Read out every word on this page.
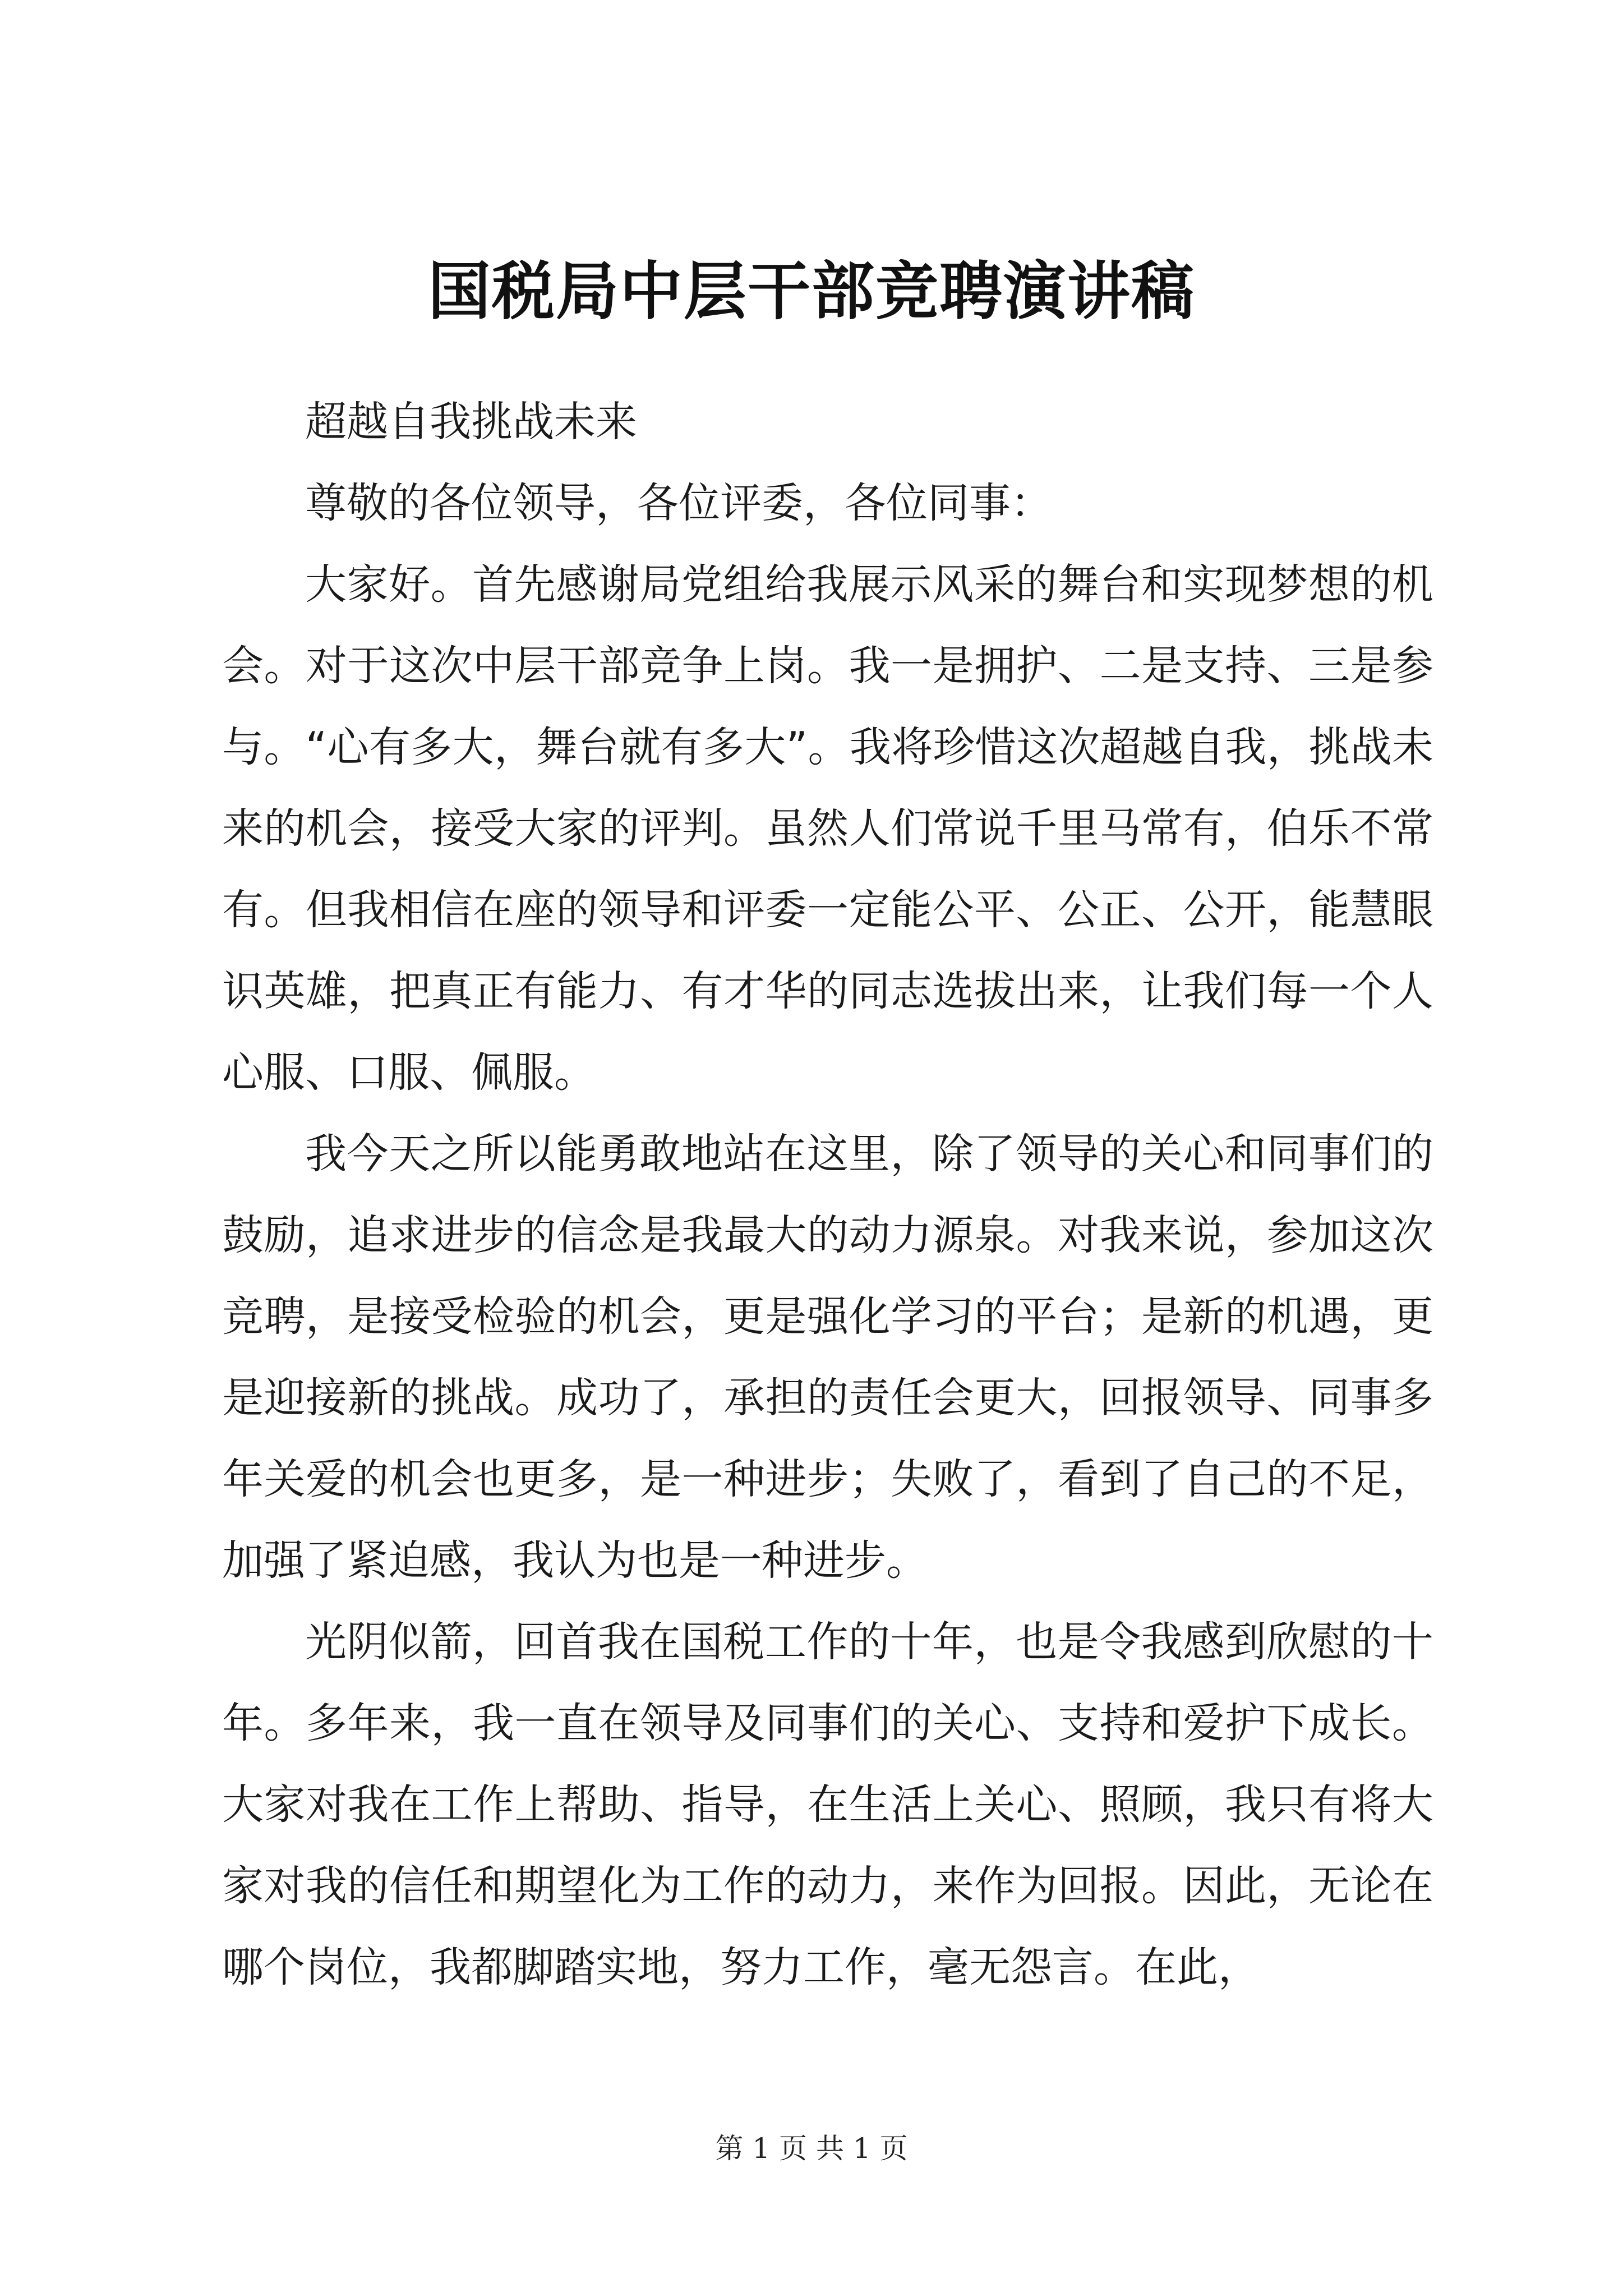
国税局中层干部竞聘演讲稿

超越自我挑战未来

尊敬的各位领导，各位评委，各位同事：

大家好。首先感谢局党组给我展示风采的舞台和实现梦想的机会。对于这次中层干部竞争上岗。我一是拥护、二是支持、三是参与。“心有多大，舞台就有多大”。我将珍惜这次超越自我，挑战未来的机会，接受大家的评判。虽然人们常说千里马常有，伯乐不常有。但我相信在座的领导和评委一定能公平、公正、公开，能慧眼识英雄，把真正有能力、有才华的同志选拔出来，让我们每一个人心服、口服、佩服。

我今天之所以能勇敢地站在这里，除了领导的关心和同事们的鼓励，追求进步的信念是我最大的动力源泉。对我来说，参加这次竞聘，是接受检验的机会，更是强化学习的平台；是新的机遇，更是迎接新的挑战。成功了，承担的责任会更大，回报领导、同事多年关爱的机会也更多，是一种进步；失败了，看到了自己的不足，加强了紧迫感，我认为也是一种进步。

光阴似箭，回首我在国税工作的十年，也是令我感到欣慰的十年。多年来，我一直在领导及同事们的关心、支持和爱护下成长。大家对我在工作上帮助、指导，在生活上关心、照顾，我只有将大家对我的信任和期望化为工作的动力，来作为回报。因此，无论在哪个岗位，我都脚踏实地，努力工作，毫无怨言。在此，

第 1 页 共 1 页
